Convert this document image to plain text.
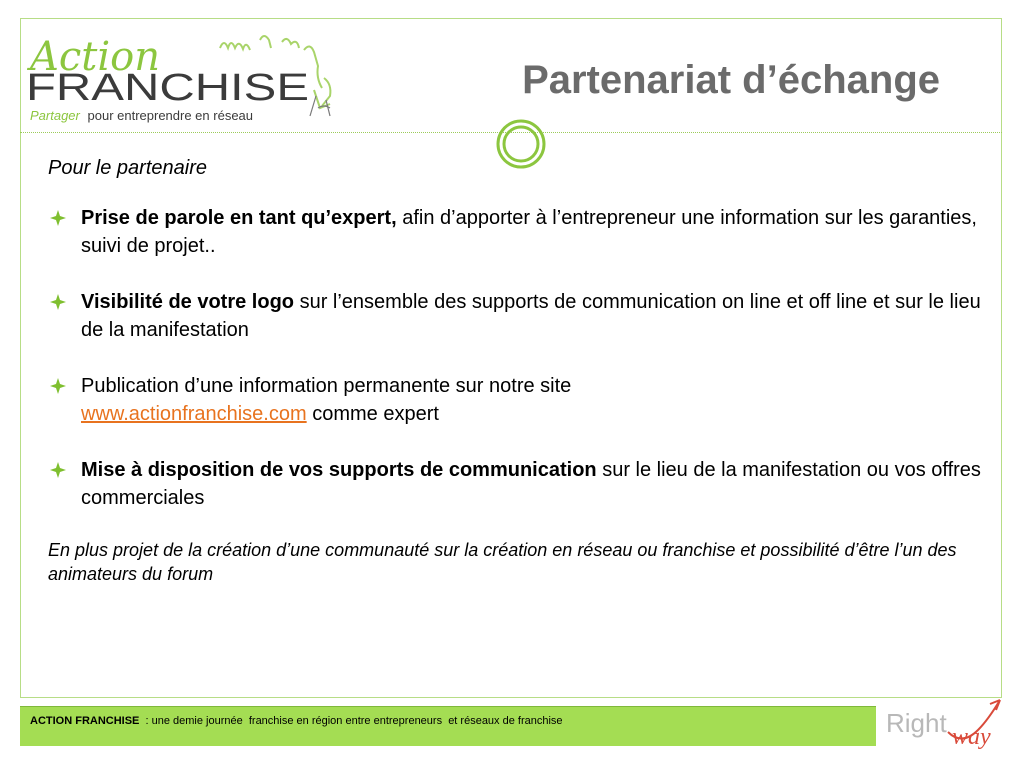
Action
FRANCHISE
Partager pour entreprendre en réseau
Partenariat d’échange
Pour le partenaire
Prise de parole en tant qu’expert, afin d’apporter à l’entrepreneur une information sur les garanties, suivi de projet..
Visibilité de votre logo sur l’ensemble des supports de communication on line et off line et sur le lieu de la manifestation
Publication d’une information permanente sur notre site
www.actionfranchise.com comme expert
Mise à disposition de vos supports de communication sur le lieu de la manifestation ou vos offres commerciales
En plus projet de la création d’une communauté sur la création en réseau ou franchise et possibilité d’être l’un des animateurs du forum
ACTION FRANCHISE  : une demie journée  franchise en région entre entrepreneurs  et réseaux de franchise	Right way
